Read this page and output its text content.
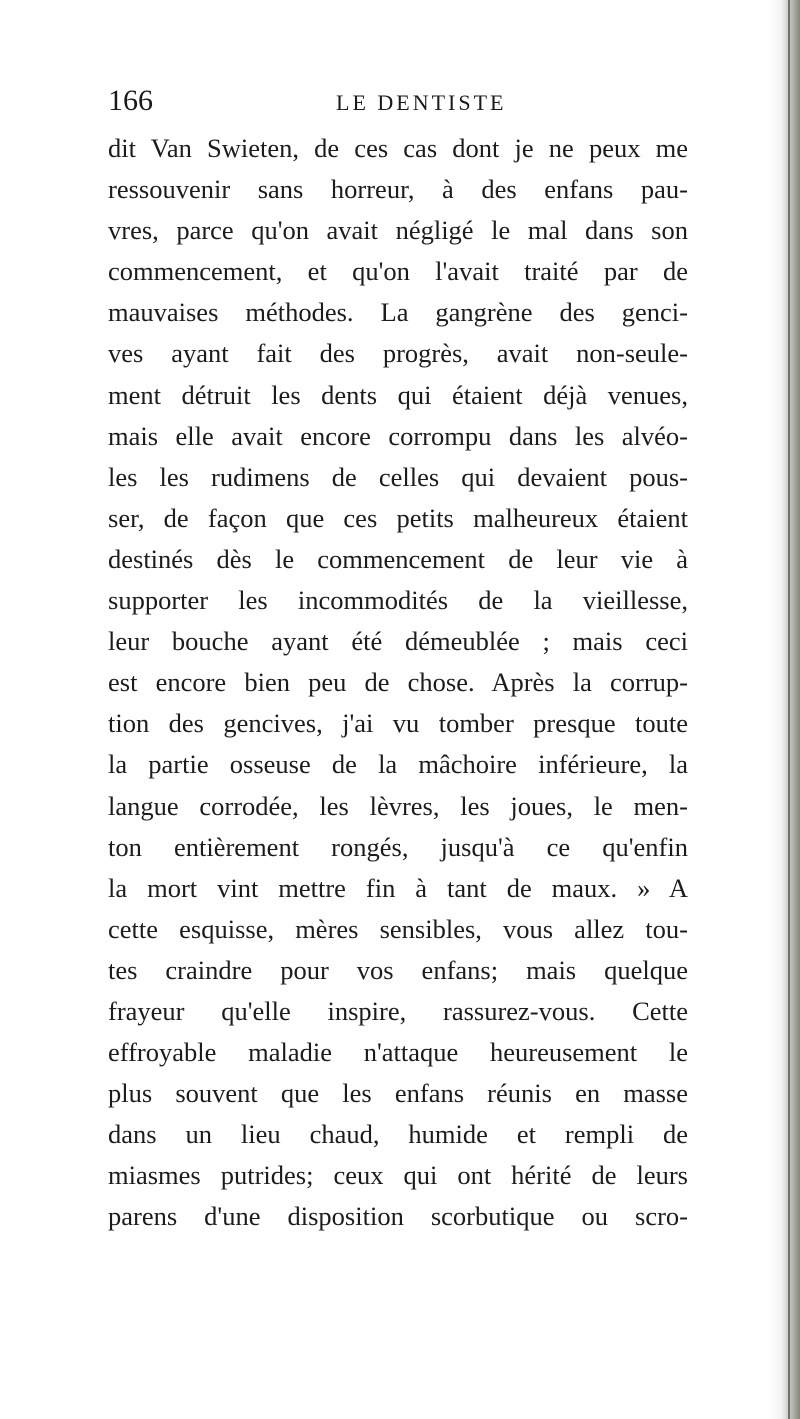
166	LE DENTISTE
dit Van Swieten, de ces cas dont je ne peux me
ressouvenir sans horreur, à des enfans pau-
vres, parce qu'on avait négligé le mal dans son
commencement, et qu'on l'avait traité par de
mauvaises méthodes. La gangrène des genci-
ves ayant fait des progrès, avait non-seule-
ment détruit les dents qui étaient déjà venues,
mais elle avait encore corrompu dans les alvéo-
les les rudimens de celles qui devaient pous-
ser, de façon que ces petits malheureux étaient
destinés dès le commencement de leur vie à
supporter les incommodités de la vieillesse,
leur bouche ayant été démeublée ; mais ceci
est encore bien peu de chose. Après la corrup-
tion des gencives, j'ai vu tomber presque toute
la partie osseuse de la mâchoire inférieure, la
langue corrodée, les lèvres, les joues, le men-
ton entièrement rongés, jusqu'à ce qu'enfin
la mort vint mettre fin à tant de maux. » A
cette esquisse, mères sensibles, vous allez tou-
tes craindre pour vos enfans; mais quelque
frayeur qu'elle inspire, rassurez-vous. Cette
effroyable maladie n'attaque heureusement le
plus souvent que les enfans réunis en masse
dans un lieu chaud, humide et rempli de
miasmes putrides; ceux qui ont hérité de leurs
parens d'une disposition scorbutique ou scro-
